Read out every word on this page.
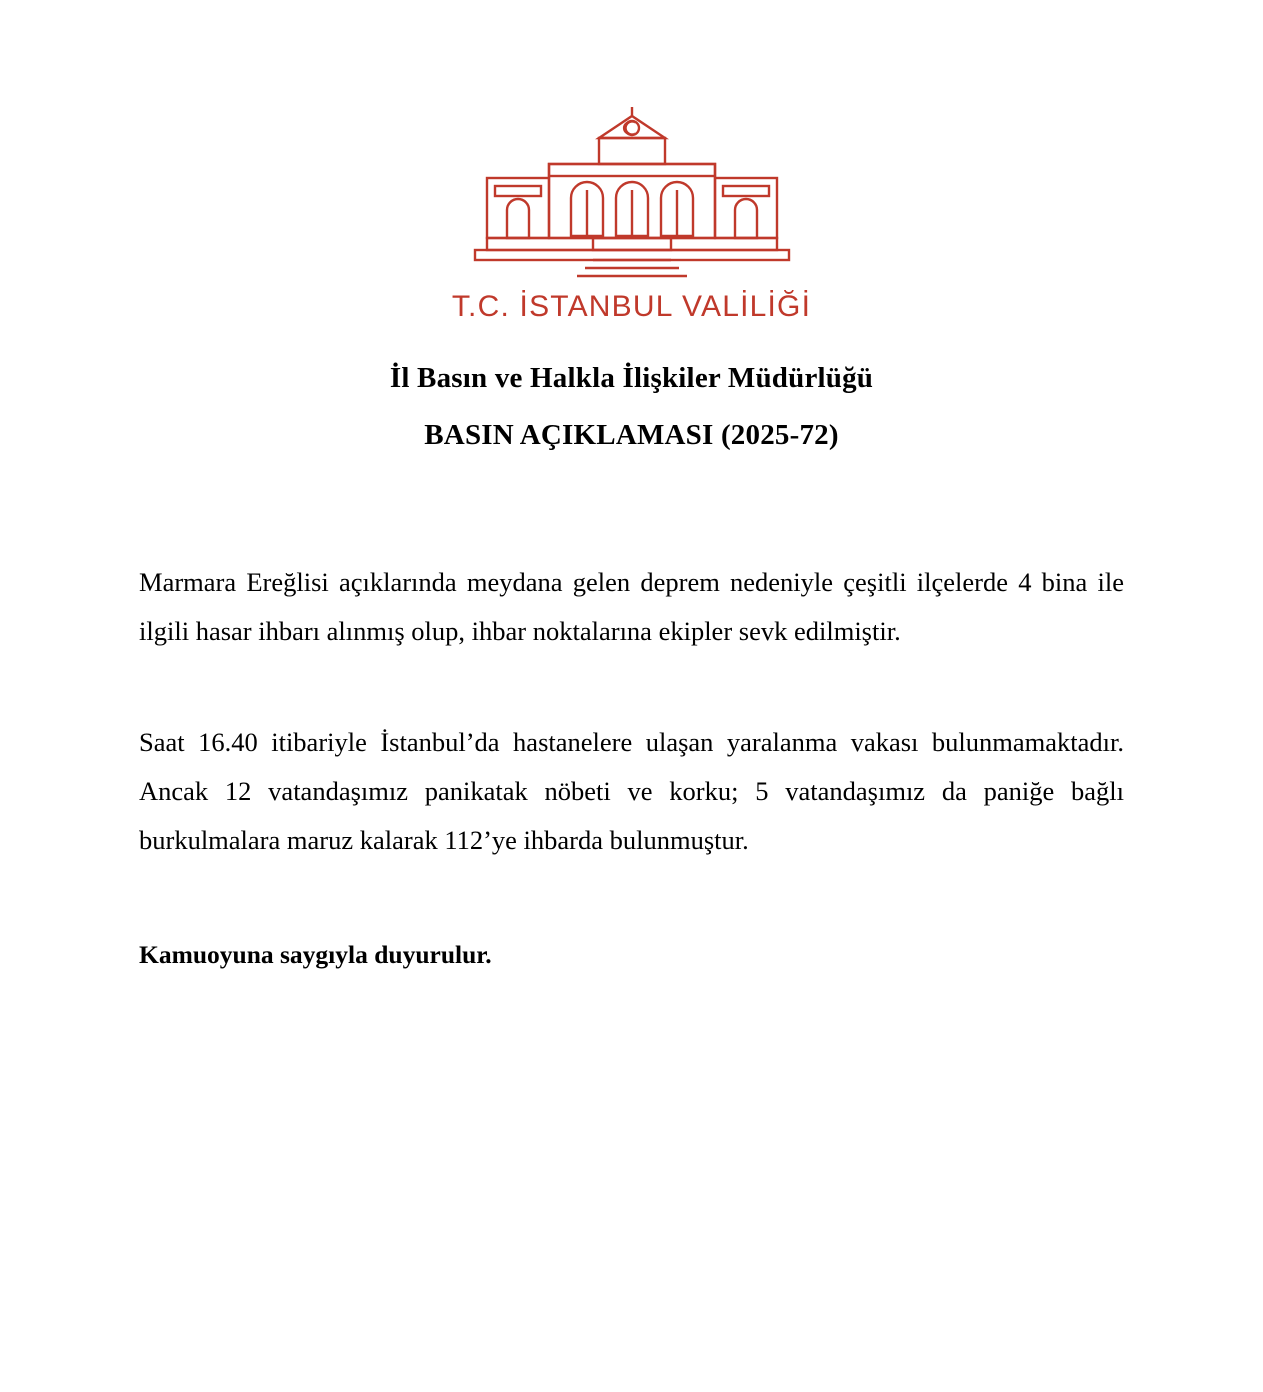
T.C. İSTANBUL VALİLİĞİ
İl Basın ve Halkla İlişkiler Müdürlüğü
BASIN AÇIKLAMASI (2025-72)

Marmara Ereğlisi açıklarında meydana gelen deprem nedeniyle çeşitli ilçelerde 4 bina ile ilgili hasar ihbarı alınmış olup, ihbar noktalarına ekipler sevk edilmiştir.

Saat 16.40 itibariyle İstanbul’da hastanelere ulaşan yaralanma vakası bulunmamaktadır. Ancak 12 vatandaşımız panikatak nöbeti ve korku; 5 vatandaşımız da paniğe bağlı burkulmalara maruz kalarak 112’ye ihbarda bulunmuştur.

Kamuoyuna saygıyla duyurulur.
